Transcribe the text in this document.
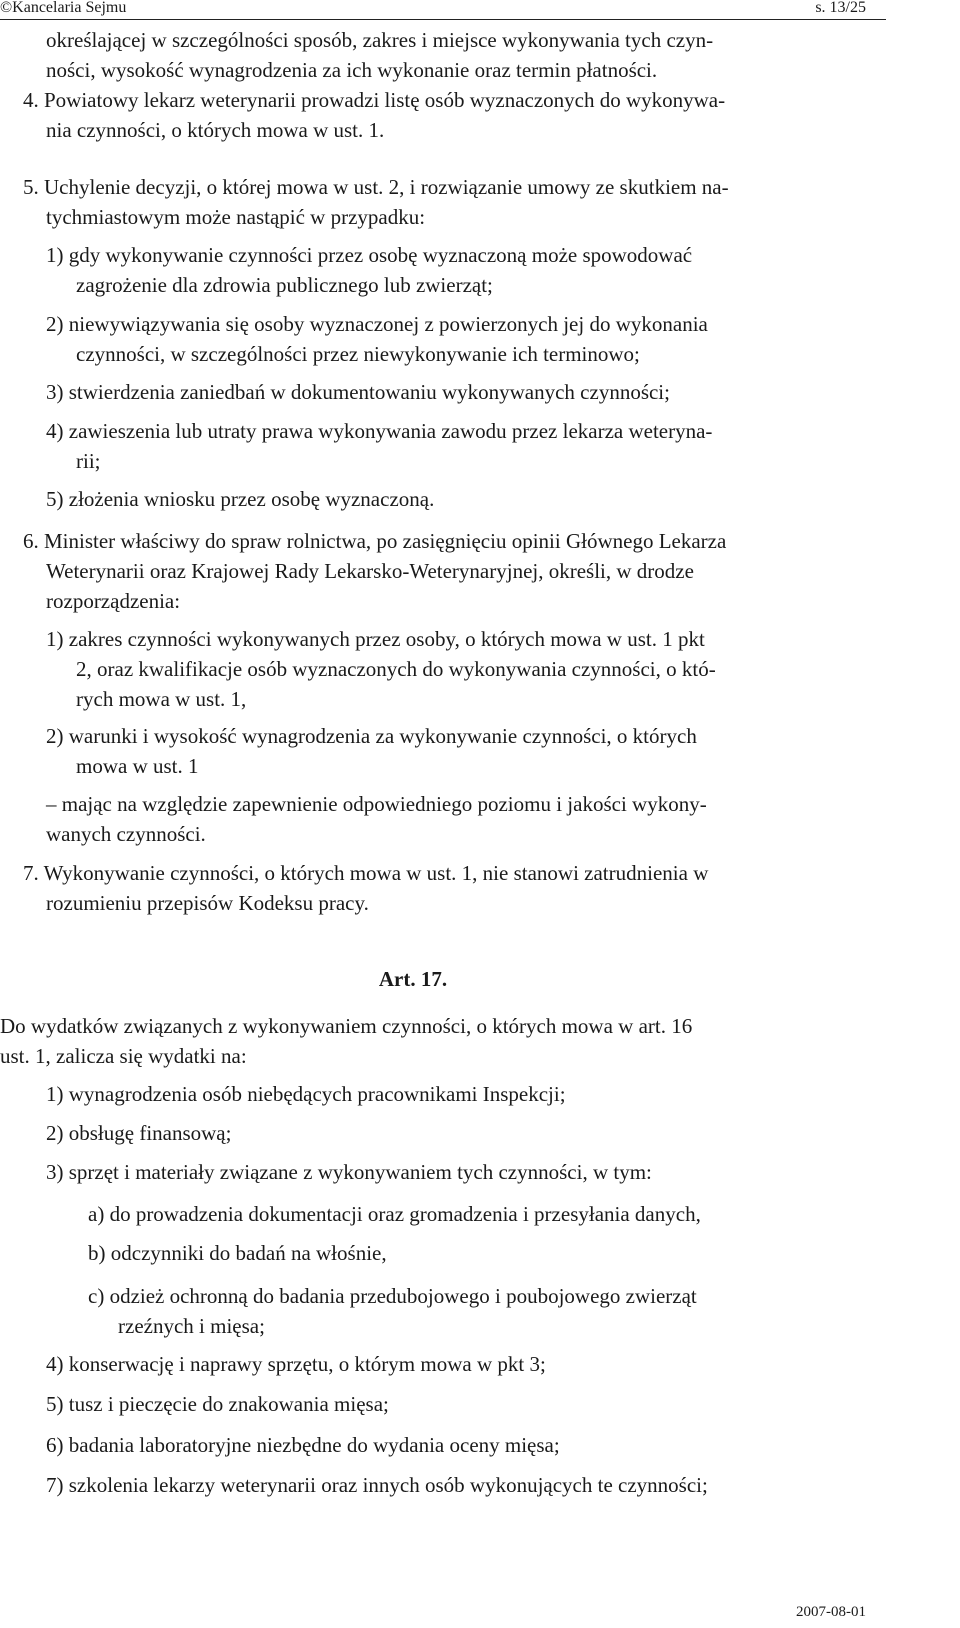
©Kancelaria Sejmu	s. 13/25
określającej w szczególności sposób, zakres i miejsce wykonywania tych czyn-
ności, wysokość wynagrodzenia za ich wykonanie oraz termin płatności.
4. Powiatowy lekarz weterynarii prowadzi listę osób wyznaczonych do wykonywa-
nia czynności, o których mowa w ust. 1.
5. Uchylenie decyzji, o której mowa w ust. 2, i rozwiązanie umowy ze skutkiem na-
tychmiastowym może nastąpić w przypadku:
1) gdy wykonywanie czynności przez osobę wyznaczoną może spowodować
zagrożenie dla zdrowia publicznego lub zwierząt;
2) niewywiązywania się osoby wyznaczonej z powierzonych jej do wykonania
czynności, w szczególności przez niewykonywanie ich terminowo;
3) stwierdzenia zaniedbań w dokumentowaniu wykonywanych czynności;
4) zawieszenia lub utraty prawa wykonywania zawodu przez lekarza weteryna-
rii;
5) złożenia wniosku przez osobę wyznaczoną.
6. Minister właściwy do spraw rolnictwa, po zasięgnięciu opinii Głównego Lekarza
Weterynarii oraz Krajowej Rady Lekarsko-Weterynaryjnej, określi, w drodze
rozporządzenia:
1) zakres czynności wykonywanych przez osoby, o których mowa w ust. 1 pkt
2, oraz kwalifikacje osób wyznaczonych do wykonywania czynności, o któ-
rych mowa w ust. 1,
2) warunki i wysokość wynagrodzenia za wykonywanie czynności, o których
mowa w ust. 1
– mając na względzie zapewnienie odpowiedniego poziomu i jakości wykony-
wanych czynności.
7. Wykonywanie czynności, o których mowa w ust. 1, nie stanowi zatrudnienia w
rozumieniu przepisów Kodeksu pracy.
Do wydatków związanych z wykonywaniem czynności, o których mowa w art. 16
ust. 1, zalicza się wydatki na:
1) wynagrodzenia osób niebędących pracownikami Inspekcji;
2) obsługę finansową;
3) sprzęt i materiały związane z wykonywaniem tych czynności, w tym:
a) do prowadzenia dokumentacji oraz gromadzenia i przesyłania danych,
b) odczynniki do badań na włośnie,
c) odzież ochronną do badania przedubojowego i poubojowego zwierząt
rzeźnych i mięsa;
4) konserwację i naprawy sprzętu, o którym mowa w pkt 3;
5) tusz i pieczęcie do znakowania mięsa;
6) badania laboratoryjne niezbędne do wydania oceny mięsa;
7) szkolenia lekarzy weterynarii oraz innych osób wykonujących te czynności;
Art. 17.
2007-08-01
